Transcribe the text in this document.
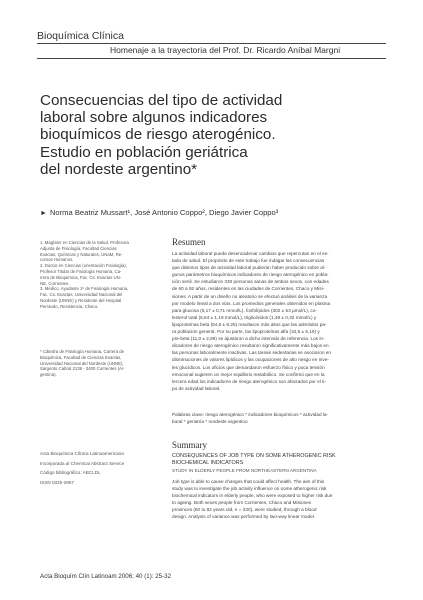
Bioquímica Clínica
Homenaje a la trayectoria del Prof. Dr. Ricardo Aníbal Margni
Consecuencias del tipo de actividad
laboral sobre algunos indicadores
bioquímicos de riesgo aterogénico.
Estudio en población geriátrica
del nordeste argentino*
► Norma Beatriz Mussart¹, José Antonio Coppo², Diego Javier Coppo³
1. Magíster en Ciencias de la Salud. Profesora
Adjunta de Fisiología, Facultad Ciencias
Exactas, Químicas y Naturales, UNaM, Re-
cursos Humanos.
2. Doctor en Ciencias (orientación Fisiología),
Profesor Titular de Fisiología Humana, Ca-
rrera de Bioquímica, Fac. Cs. Exactas UN-
NE, Corrientes.
3. Médico. Ayudante 1º de Fisiología Humana,
Fac. Cs. Exactas, Universidad Nacional del
Nordeste (UNNE) y Residente del Hospital
Perrando, Resistencia, Chaco.
* Cátedra de Fisiología Humana, Carrera de
Bioquímica, Facultad de Ciencias Exactas,
Universidad Nacional del Nordeste (UNNE),
Sargento Cabral 2139 - 3400 Corrientes (Ar-
gentina).
Acta Bioquímica Clínica Latinoamericana
Incorporada al Chemical Abstract Service
Código bibliográfico: ABCLDL
ISSN 0325-2957
Resumen
La actividad laboral puede desencadenar cambios que repercutan en el es-
tado de salud. El propósito de este trabajo fue indagar las consecuencias
que distintos tipos de actividad laboral pudieran haber producido sobre al-
gunos parámetros bioquímicos indicadores de riesgo aterogénico en pobla-
ción senil. Se estudiaron 330 personas sanas de ambos sexos, con edades
de 60 a 92 años, residentes en las ciudades de Corrientes, Chaco y Misi-
siones. A partir de un diseño no aleatorio se efectuó análisis de la varianza
por modelo lineal a dos vías. Los promedios generales obtenidos en plasma
para glucosa (5,17 ± 0,71 mmol/L), fosfolípidos (302 ± 53 µmol/L), co-
lesterol total (5,64 ± 1,19 mmol/L), triglicéridos (1,48 ± 0,32 mmol/L) y
lipoproteínas beta (54,5 ± 8,25) resultaron más altos que las admitidos pa-
ra población general. Por su parte, las lipoproteínas alfa (34,5 ± 5,19) y
pre-beta (11,0 ± 2,89) se ajustaron a dicho intervalo de referencia. Los in-
dicadores de riesgo aterogénico resultaron significativamente más bajos en
las personas laboralmente inactivas. Las tareas sedentarias se asociaron en
disminuciones de valores lipídicos y las ocupaciones de alto riesgo en nive-
les glucídicos. Los oficios que demandaron esfuerzo físico y poca tensión
emocional sugieren un mejor equilibrio metabólico. Se confirmó que en la
tercera edad los indicadores de riesgo aterogénico son afectados por el ti-
po de actividad laboral.
Palabras clave: riesgo aterogénico * indicadores bioquímicos * actividad la-
boral * geriatría * nordeste argentino
Summary
CONSEQUENCES OF JOB TYPE ON SOME ATHEROGENIC RISK
BIOCHEMICAL INDICATORS
STUDY IN ELDERLY PEOPLE FROM NORTHEASTERN ARGENTINA
Job type is able to cause changes that could affect health. The aim of this
study was to investigate the job activity influence on some atherogenic risk
biochemical indicators in elderly people, who were exposed to higher risk due
to ageing. Both sexes people from Corrientes, Chaco and Misiones
provinces (60 to 92 years old, n = 330), were studied, through a blood
design. Analysis of variance was performed by two-way linear model.
Acta Bioquím Clín Latinoam 2006; 40 (1): 25-32
